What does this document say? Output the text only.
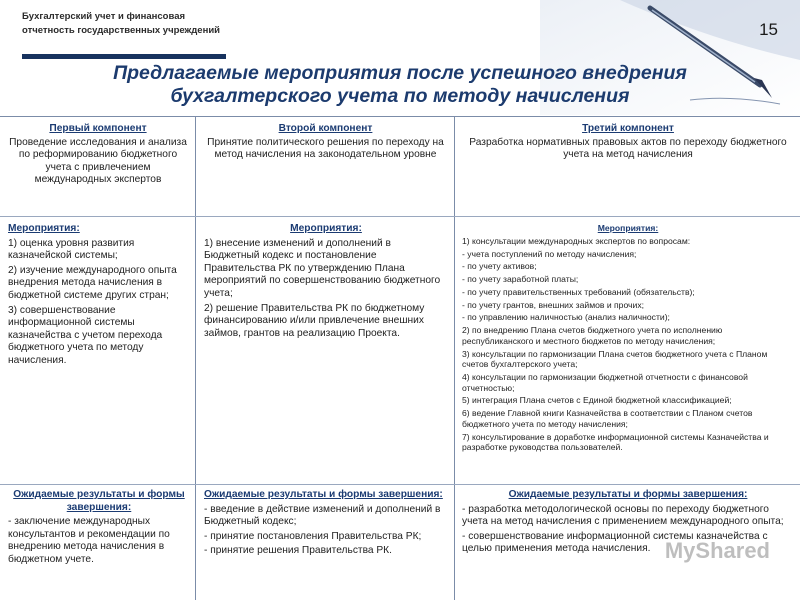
Бухгалтерский учет и финансовая
отчетность государственных учреждений	15
Предлагаемые мероприятия после успешного внедрения
бухгалтерского учета по методу начисления
Первый компонент
Проведение исследования и анализа по реформированию бюджетного учета с привлечением международных экспертов
Второй компонент
Принятие политического решения по переходу на метод начисления на законодательном уровне
Третий компонент
Разработка нормативных правовых актов по переходу бюджетного учета на метод начисления
Мероприятия:
1) оценка уровня развития казначейской системы;
2) изучение международного опыта внедрения метода начисления в бюджетной системе других стран;
3) совершенствование информационной системы казначейства с учетом перехода бюджетного учета по методу начисления.
Мероприятия:
1) внесение изменений и дополнений в Бюджетный кодекс и постановление Правительства РК по утверждению Плана мероприятий по совершенствованию бюджетного учета;
2) решение Правительства РК по бюджетному финансированию и/или привлечение внешних займов, грантов на реализацию Проекта.
Мероприятия:
1) консультации международных экспертов по вопросам:
- учета поступлений по методу начисления;
- по учету активов;
- по учету заработной платы;
- по учету правительственных требований (обязательств);
- по учету грантов, внешних займов и прочих;
- по управлению наличностью (анализ наличности);
2) по внедрению Плана счетов бюджетного учета по исполнению республиканского и местного бюджетов по методу начисления;
3) консультации по гармонизации Плана счетов бюджетного учета с Планом счетов бухгалтерского учета;
4) консультации по гармонизации бюджетной отчетности с финансовой отчетностью;
5) интеграция Плана счетов с Единой бюджетной классификацией;
6) ведение Главной книги Казначейства в соответствии с Планом счетов бюджетного учета по методу начисления;
7) консультирование в доработке информационной системы Казначейства и разработке руководства пользователей.
Ожидаемые результаты и формы завершения:
- заключение международных консультантов и рекомендации по внедрению метода начисления в бюджетном учете.
Ожидаемые результаты и формы завершения:
- введение в действие изменений и дополнений в Бюджетный кодекс;
- принятие постановления Правительства РК;
- принятие решения Правительства РК.
Ожидаемые результаты и формы завершения:
- разработка методологической основы по переходу бюджетного учета на метод начисления с применением международного опыта;
- совершенствование информационной системы казначейства с целью применения метода начисления. MyShared
